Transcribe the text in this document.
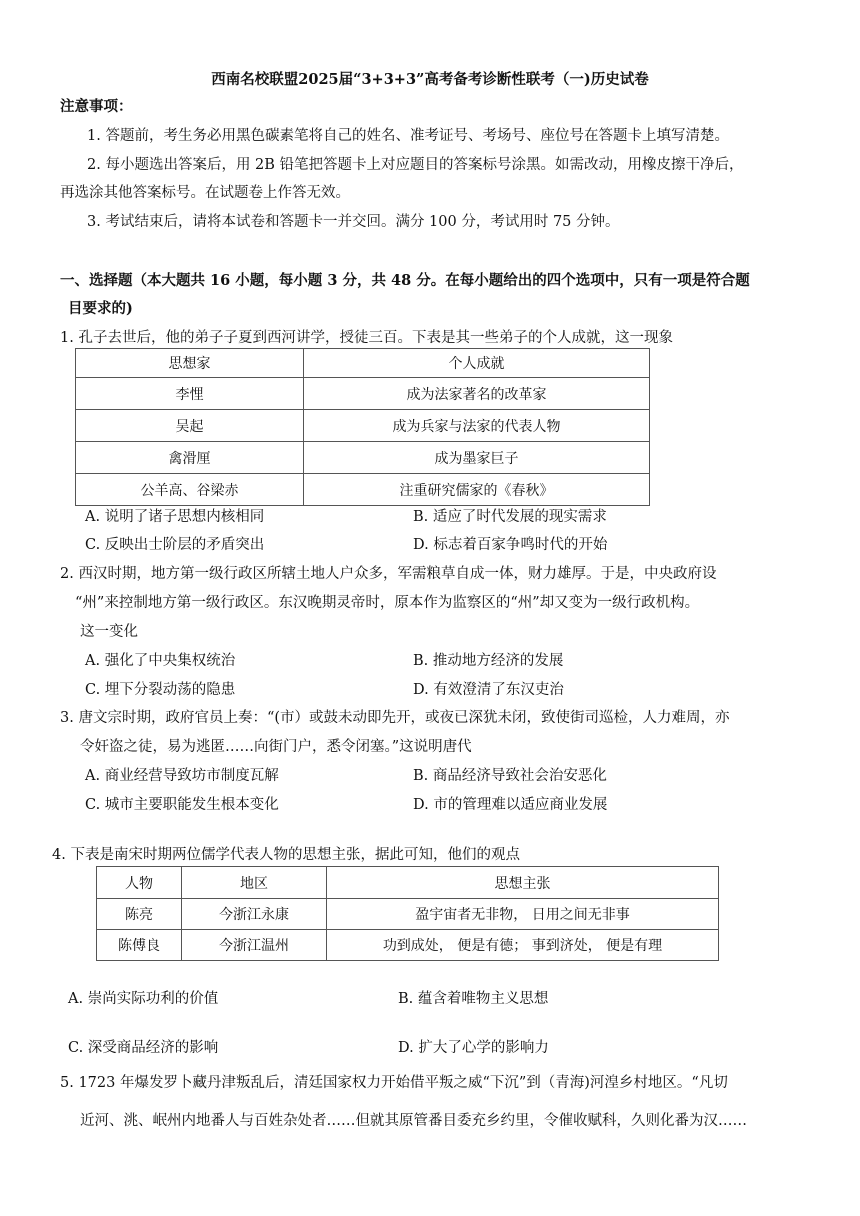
西南名校联盟2025届“3+3+3”高考备考诊断性联考（一)历史试卷
注意事项：
1. 答题前，考生务必用黑色碳素笔将自己的姓名、准考证号、考场号、座位号在答题卡上填写清楚。
2. 每小题选出答案后，用 2B 铅笔把答题卡上对应题目的答案标号涂黑。如需改动，用橡皮擦干净后，
再选涂其他答案标号。在试题卷上作答无效。
3. 考试结束后，请将本试卷和答题卡一并交回。满分 100 分，考试用时 75 分钟。
一、选择题（本大题共 16 小题，每小题 3 分，共 48 分。在每小题给出的四个选项中，只有一项是符合题
目要求的)
1. 孔子去世后，他的弟子子夏到西河讲学，授徒三百。下表是其一些弟子的个人成就，这一现象
思想家	个人成就
李悝	成为法家著名的改革家
吴起	成为兵家与法家的代表人物
禽滑厘	成为墨家巨子
公羊高、谷梁赤	注重研究儒家的《春秋》
A. 说明了诸子思想内核相同	B. 适应了时代发展的现实需求
C. 反映出士阶层的矛盾突出	D. 标志着百家争鸣时代的开始
2. 西汉时期，地方第一级行政区所辖土地人户众多，军需粮草自成一体，财力雄厚。于是，中央政府设
“州”来控制地方第一级行政区。东汉晚期灵帝时，原本作为监察区的“州”却又变为一级行政机构。
这一变化
A. 强化了中央集权统治	B. 推动地方经济的发展
C. 埋下分裂动荡的隐患	D. 有效澄清了东汉吏治
3. 唐文宗时期，政府官员上奏：“(市）或鼓未动即先开，或夜已深犹未闭，致使街司巡检，人力难周，亦
令奸盗之徒，易为逃匿……向街门户，悉令闭塞。”这说明唐代
A. 商业经营导致坊市制度瓦解	B. 商品经济导致社会治安恶化
C. 城市主要职能发生根本变化	D. 市的管理难以适应商业发展
4. 下表是南宋时期两位儒学代表人物的思想主张，据此可知，他们的观点
人物	地区	思想主张
陈亮	今浙江永康	盈宇宙者无非物， 日用之间无非事
陈傅良	今浙江温州	功到成处， 便是有德； 事到济处， 便是有理
A. 崇尚实际功利的价值	B. 蕴含着唯物主义思想
C. 深受商品经济的影响	D. 扩大了心学的影响力
5. 1723 年爆发罗卜藏丹津叛乱后，清廷国家权力开始借平叛之威“下沉”到（青海)河湟乡村地区。“凡切
近河、洮、岷州内地番人与百姓杂处者……但就其原管番目委充乡约里，令催收赋科，久则化番为汉……
